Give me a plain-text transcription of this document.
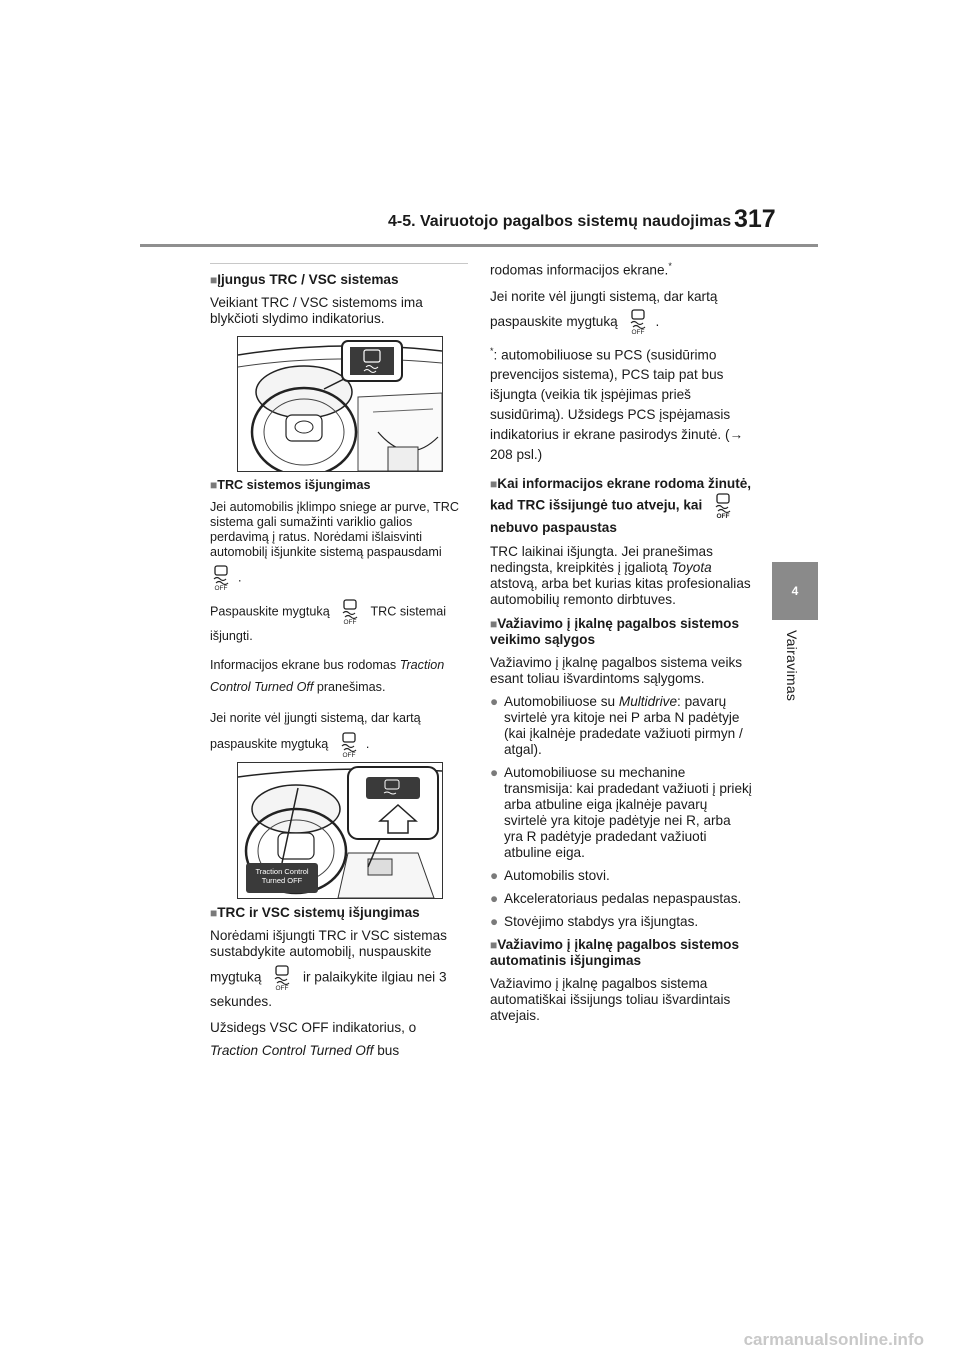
4-5. Vairuotojo pagalbos sistemų naudojimas 317
4
Vairavimas

■Įjungus TRC / VSC sistemas

Veikiant TRC / VSC sistemoms ima blykčioti slydimo indikatorius.

■TRC sistemos išjungimas

Jei automobilis įklimpo sniege ar purve, TRC sistema gali sumažinti variklio galios perdavimą į ratus. Norėdami išlaisvinti automobilį išjunkite sistemą paspausdami

OFF
.

Paspauskite mygtuką
OFF
TRC sistemai išjungti.

Informacijos ekrane bus rodomas Traction Control Turned Off pranešimas.

Jei norite vėl įjungti sistemą, dar kartą paspauskite mygtuką
OFF
.

Traction Control Turned OFF

■TRC ir VSC sistemų išjungimas

Norėdami išjungti TRC ir VSC sistemas sustabdykite automobilį, nuspauskite

mygtuką
OFF
ir palaikykite ilgiau nei 3 sekundes.

Užsidegs VSC OFF indikatorius, o

Traction Control Turned Off bus

rodomas informacijos ekrane.*

Jei norite vėl įjungti sistemą, dar kartą

paspauskite mygtuką
OFF
.

*: automobiliuose su PCS (susidūrimo prevencijos sistema), PCS taip pat bus išjungta (veikia tik įspėjimas prieš susidūrimą). Užsidegs PCS įspėjamasis indikatorius ir ekrane pasirodys žinutė. (→ 208 psl.)

■Kai informacijos ekrane rodoma žinutė, kad TRC išsijungė tuo atveju, kai
OFF
nebuvo paspaustas

TRC laikinai išjungta. Jei pranešimas nedingsta, kreipkitės į įgaliotą Toyota atstovą, arba bet kurias kitas profesionalias automobilių remonto dirbtuves.

■Važiavimo į įkalnę pagalbos sistemos veikimo sąlygos

Važiavimo į įkalnę pagalbos sistema veiks esant toliau išvardintoms sąlygoms.

● Automobiliuose su Multidrive: pavarų svirtelė yra kitoje nei P arba N padėtyje (kai įkalnėje pradedate važiuoti pirmyn / atgal).
● Automobiliuose su mechanine transmisija: kai pradedant važiuoti į priekį arba atbuline eiga įkalnėje pavarų svirtelė yra kitoje padėtyje nei R, arba yra R padėtyje pradedant važiuoti atbuline eiga.
● Automobilis stovi.
● Akceleratoriaus pedalas nepaspaustas.
● Stovėjimo stabdys yra išjungtas.

■Važiavimo į įkalnę pagalbos sistemos automatinis išjungimas

Važiavimo į įkalnę pagalbos sistema automatiškai išsijungs toliau išvardintais atvejais.

carmanualsonline.info
